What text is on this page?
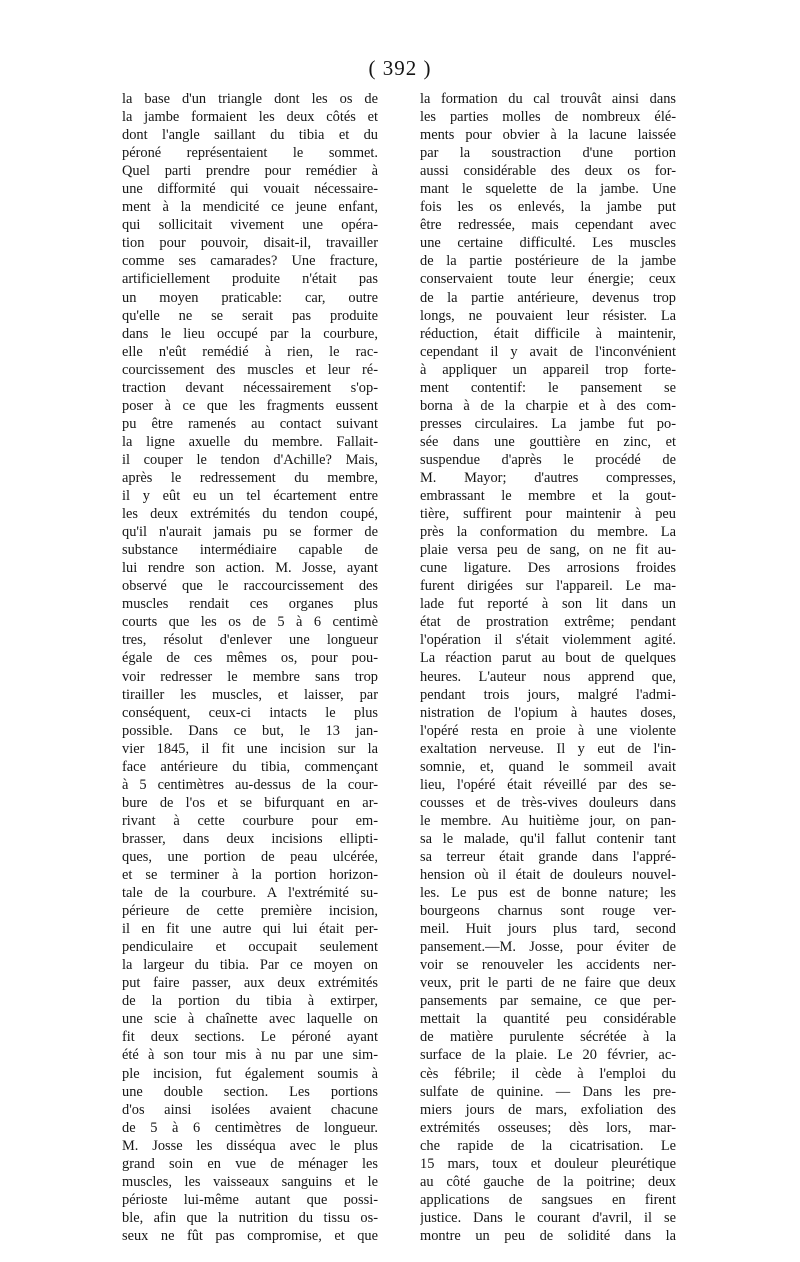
( 392 )
la base d'un triangle dont les os de
la jambe formaient les deux côtés et
dont l'angle saillant du tibia et du
péroné représentaient le sommet.
Quel parti prendre pour remédier à
une difformité qui vouait nécessaire-
ment à la mendicité ce jeune enfant,
qui sollicitait vivement une opéra-
tion pour pouvoir, disait-il, travailler
comme ses camarades? Une fracture,
artificiellement produite n'était pas
un moyen praticable: car, outre
qu'elle ne se serait pas produite
dans le lieu occupé par la courbure,
elle n'eût remédié à rien, le rac-
courcissement des muscles et leur ré-
traction devant nécessairement s'op-
poser à ce que les fragments eussent
pu être ramenés au contact suivant
la ligne axuelle du membre. Fallait-
il couper le tendon d'Achille? Mais,
après le redressement du membre,
il y eût eu un tel écartement entre
les deux extrémités du tendon coupé,
qu'il n'aurait jamais pu se former de
substance intermédiaire capable de
lui rendre son action. M. Josse, ayant
observé que le raccourcissement des
muscles rendait ces organes plus
courts que les os de 5 à 6 centimè
tres, résolut d'enlever une longueur
égale de ces mêmes os, pour pou-
voir redresser le membre sans trop
tirailler les muscles, et laisser, par
conséquent, ceux-ci intacts le plus
possible. Dans ce but, le 13 jan-
vier 1845, il fit une incision sur la
face antérieure du tibia, commençant
à 5 centimètres au-dessus de la cour-
bure de l'os et se bifurquant en ar-
rivant à cette courbure pour em-
brasser, dans deux incisions ellipti-
ques, une portion de peau ulcérée,
et se terminer à la portion horizon-
tale de la courbure. A l'extrémité su-
périeure de cette première incision,
il en fit une autre qui lui était per-
pendiculaire et occupait seulement
la largeur du tibia. Par ce moyen on
put faire passer, aux deux extrémités
de la portion du tibia à extirper,
une scie à chaînette avec laquelle on
fit deux sections. Le péroné ayant
été à son tour mis à nu par une sim-
ple incision, fut également soumis à
une double section. Les portions
d'os ainsi isolées avaient chacune
de 5 à 6 centimètres de longueur.
M. Josse les disséqua avec le plus
grand soin en vue de ménager les
muscles, les vaisseaux sanguins et le
périoste lui-même autant que possi-
ble, afin que la nutrition du tissu os-
seux ne fût pas compromise, et que
la formation du cal trouvât ainsi dans
les parties molles de nombreux élé-
ments pour obvier à la lacune laissée
par la soustraction d'une portion
aussi considérable des deux os for-
mant le squelette de la jambe. Une
fois les os enlevés, la jambe put
être redressée, mais cependant avec
une certaine difficulté. Les muscles
de la partie postérieure de la jambe
conservaient toute leur énergie; ceux
de la partie antérieure, devenus trop
longs, ne pouvaient leur résister. La
réduction, était difficile à maintenir,
cependant il y avait de l'inconvénient
à appliquer un appareil trop forte-
ment contentif: le pansement se
borna à de la charpie et à des com-
presses circulaires. La jambe fut po-
sée dans une gouttière en zinc, et
suspendue d'après le procédé de
M. Mayor; d'autres compresses,
embrassant le membre et la gout-
tière, suffirent pour maintenir à peu
près la conformation du membre. La
plaie versa peu de sang, on ne fit au-
cune ligature. Des arrosions froides
furent dirigées sur l'appareil. Le ma-
lade fut reporté à son lit dans un
état de prostration extrême; pendant
l'opération il s'était violemment agité.
La réaction parut au bout de quelques
heures. L'auteur nous apprend que,
pendant trois jours, malgré l'admi-
nistration de l'opium à hautes doses,
l'opéré resta en proie à une violente
exaltation nerveuse. Il y eut de l'in-
somnie, et, quand le sommeil avait
lieu, l'opéré était réveillé par des se-
cousses et de très-vives douleurs dans
le membre. Au huitième jour, on pan-
sa le malade, qu'il fallut contenir tant
sa terreur était grande dans l'appré-
hension où il était de douleurs nouvel-
les. Le pus est de bonne nature; les
bourgeons charnus sont rouge ver-
meil. Huit jours plus tard, second
pansement.—M. Josse, pour éviter de
voir se renouveler les accidents ner-
veux, prit le parti de ne faire que deux
pansements par semaine, ce que per-
mettait la quantité peu considérable
de matière purulente sécrétée à la
surface de la plaie. Le 20 février, ac-
cès fébrile; il cède à l'emploi du
sulfate de quinine. — Dans les pre-
miers jours de mars, exfoliation des
extrémités osseuses; dès lors, mar-
che rapide de la cicatrisation. Le
15 mars, toux et douleur pleurétique
au côté gauche de la poitrine; deux
applications de sangsues en firent
justice. Dans le courant d'avril, il se
montre un peu de solidité dans la
